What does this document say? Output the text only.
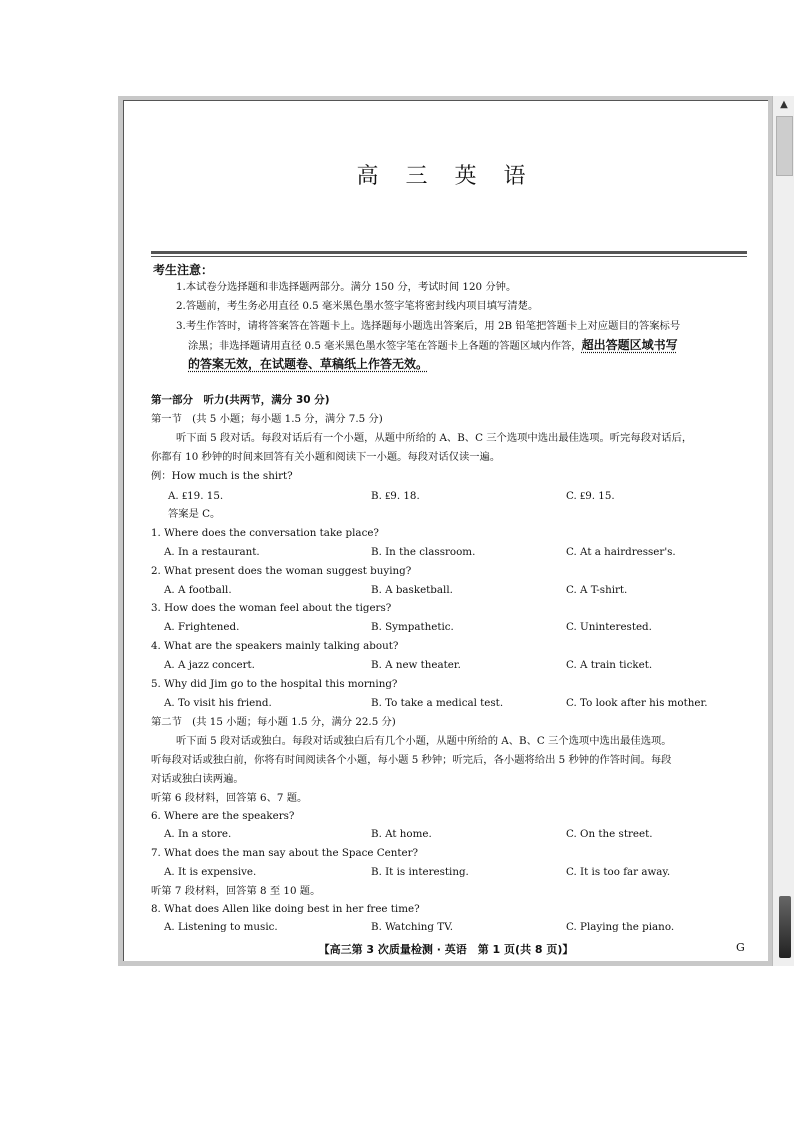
高 三 英 语
考生注意：
1.本试卷分选择题和非选择题两部分。满分 150 分，考试时间 120 分钟。
2.答题前，考生务必用直径 0.5 毫米黑色墨水签字笔将密封线内项目填写清楚。
3.考生作答时，请将答案答在答题卡上。选择题每小题选出答案后，用 2B 铅笔把答题卡上对应题目的答案标号
涂黑；非选择题请用直径 0.5 毫米黑色墨水签字笔在答题卡上各题的答题区域内作答，超出答题区域书写
的答案无效，在试题卷、草稿纸上作答无效。
第一部分　听力(共两节，满分 30 分)
第一节　(共 5 小题；每小题 1.5 分，满分 7.5 分)
听下面 5 段对话。每段对话后有一个小题，从题中所给的 A、B、C 三个选项中选出最佳选项。听完每段对话后，
你都有 10 秒钟的时间来回答有关小题和阅读下一小题。每段对话仅读一遍。
例：How much is the shirt?
A. ₤19. 15.	B. ₤9. 18.	C. ₤9. 15.
答案是 C。
1. Where does the conversation take place?
A. In a restaurant.	B. In the classroom.	C. At a hairdresser's.
2. What present does the woman suggest buying?
A. A football.	B. A basketball.	C. A T-shirt.
3. How does the woman feel about the tigers?
A. Frightened.	B. Sympathetic.	C. Uninterested.
4. What are the speakers mainly talking about?
A. A jazz concert.	B. A new theater.	C. A train ticket.
5. Why did Jim go to the hospital this morning?
A. To visit his friend.	B. To take a medical test.	C. To look after his mother.
第二节　(共 15 小题；每小题 1.5 分，满分 22.5 分)
听下面 5 段对话或独白。每段对话或独白后有几个小题，从题中所给的 A、B、C 三个选项中选出最佳选项。
听每段对话或独白前，你将有时间阅读各个小题，每小题 5 秒钟；听完后，各小题将给出 5 秒钟的作答时间。每段
对话或独白读两遍。
听第 6 段材料，回答第 6、7 题。
6. Where are the speakers?
A. In a store.	B. At home.	C. On the street.
7. What does the man say about the Space Center?
A. It is expensive.	B. It is interesting.	C. It is too far away.
听第 7 段材料，回答第 8 至 10 题。
8. What does Allen like doing best in her free time?
A. Listening to music.	B. Watching TV.	C. Playing the piano.
【高三第 3 次质量检测 · 英语　第 1 页(共 8 页)】	G
▲
